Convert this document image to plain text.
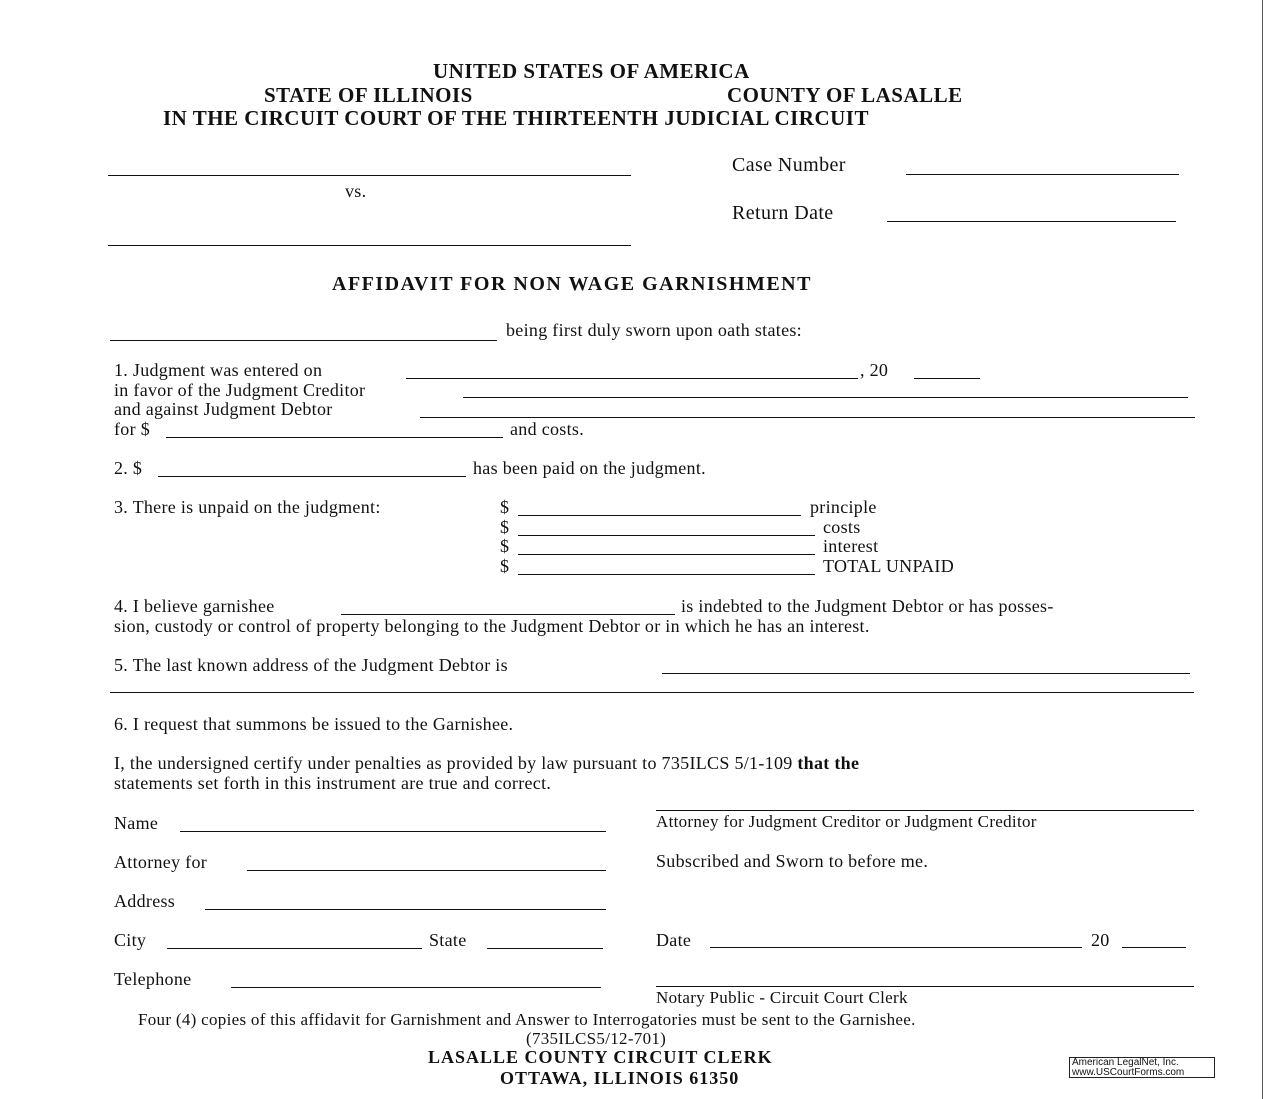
UNITED STATES OF AMERICA
STATE OF ILLINOIS	COUNTY OF LASALLE
IN THE CIRCUIT COURT OF THE THIRTEENTH JUDICIAL CIRCUIT
vs.
Case Number
Return Date
AFFIDAVIT FOR NON WAGE GARNISHMENT
being first duly sworn upon oath states:
1. Judgment was entered on	, 20
in favor of the Judgment Creditor
and against Judgment Debtor
for $	and costs.
2. $	has been paid on the judgment.
3. There is unpaid on the judgment:	$	principle
$	costs
$	interest
$	TOTAL UNPAID
4. I believe garnishee	is indebted to the Judgment Debtor or has posses-
sion, custody or control of property belonging to the Judgment Debtor or in which he has an interest.
5. The last known address of the Judgment Debtor is
6. I request that summons be issued to the Garnishee.
I, the undersigned certify under penalties as provided by law pursuant to 735ILCS 5/1-109 that the
statements set forth in this instrument are true and correct.
Attorney for Judgment Creditor or Judgment Creditor
Subscribed and Sworn to before me.
Date	20
Notary Public - Circuit Court Clerk
Name
Attorney for
Address
City	State
Telephone
Four (4) copies of this affidavit for Garnishment and Answer to Interrogatories must be sent to the Garnishee.
(735ILCS5/12-701)
LASALLE COUNTY CIRCUIT CLERK
OTTAWA, ILLINOIS 61350
American LegalNet, Inc.
www.USCourtForms.com
